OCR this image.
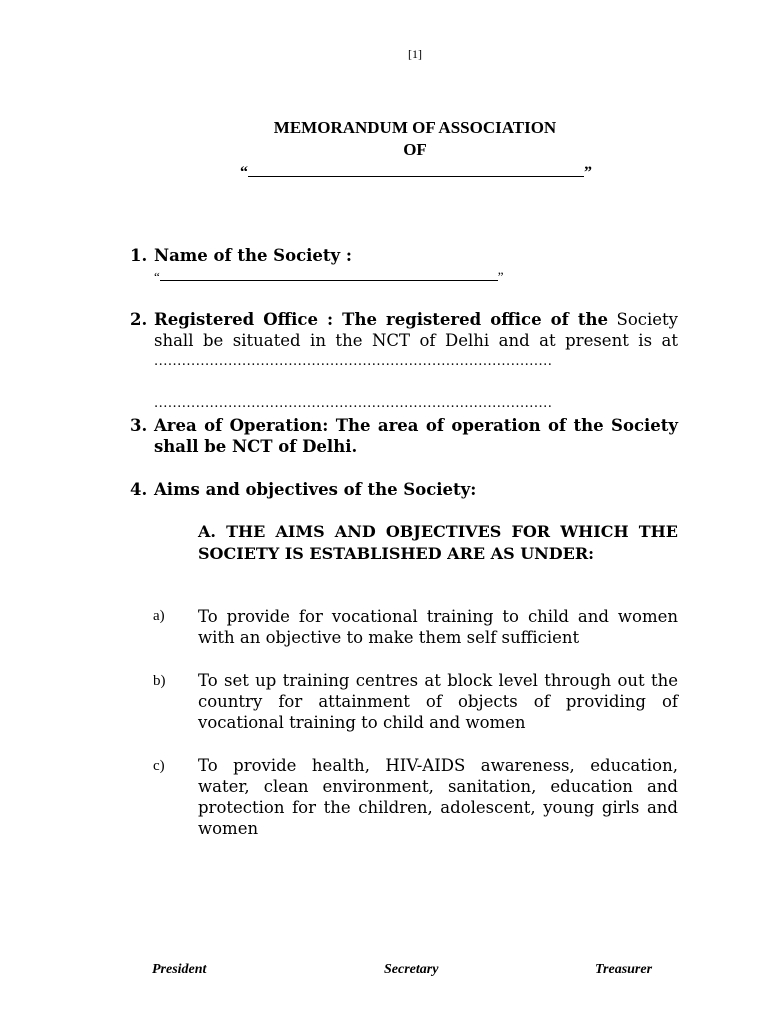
[1]
MEMORANDUM OF ASSOCIATION
OF
“	”
1. Name of the Society :
“	”
2. Registered Office : The registered office of the Society
shall be situated in the NCT of Delhi and at present is at
......................................................................................
......................................................................................
3. Area of Operation: The area of operation of the Society
shall be NCT of Delhi.
4. Aims and objectives of the Society:
A. THE AIMS AND OBJECTIVES FOR WHICH THE SOCIETY IS ESTABLISHED ARE AS UNDER:
a) To provide for vocational training to child and women with an objective to make them self sufficient
b) To set up training centres at block level through out the country for attainment of objects of providing of vocational training to child and women
c) To provide health, HIV-AIDS awareness, education, water, clean environment, sanitation, education and protection for the children, adolescent, young girls and women
President	Secretary	Treasurer
